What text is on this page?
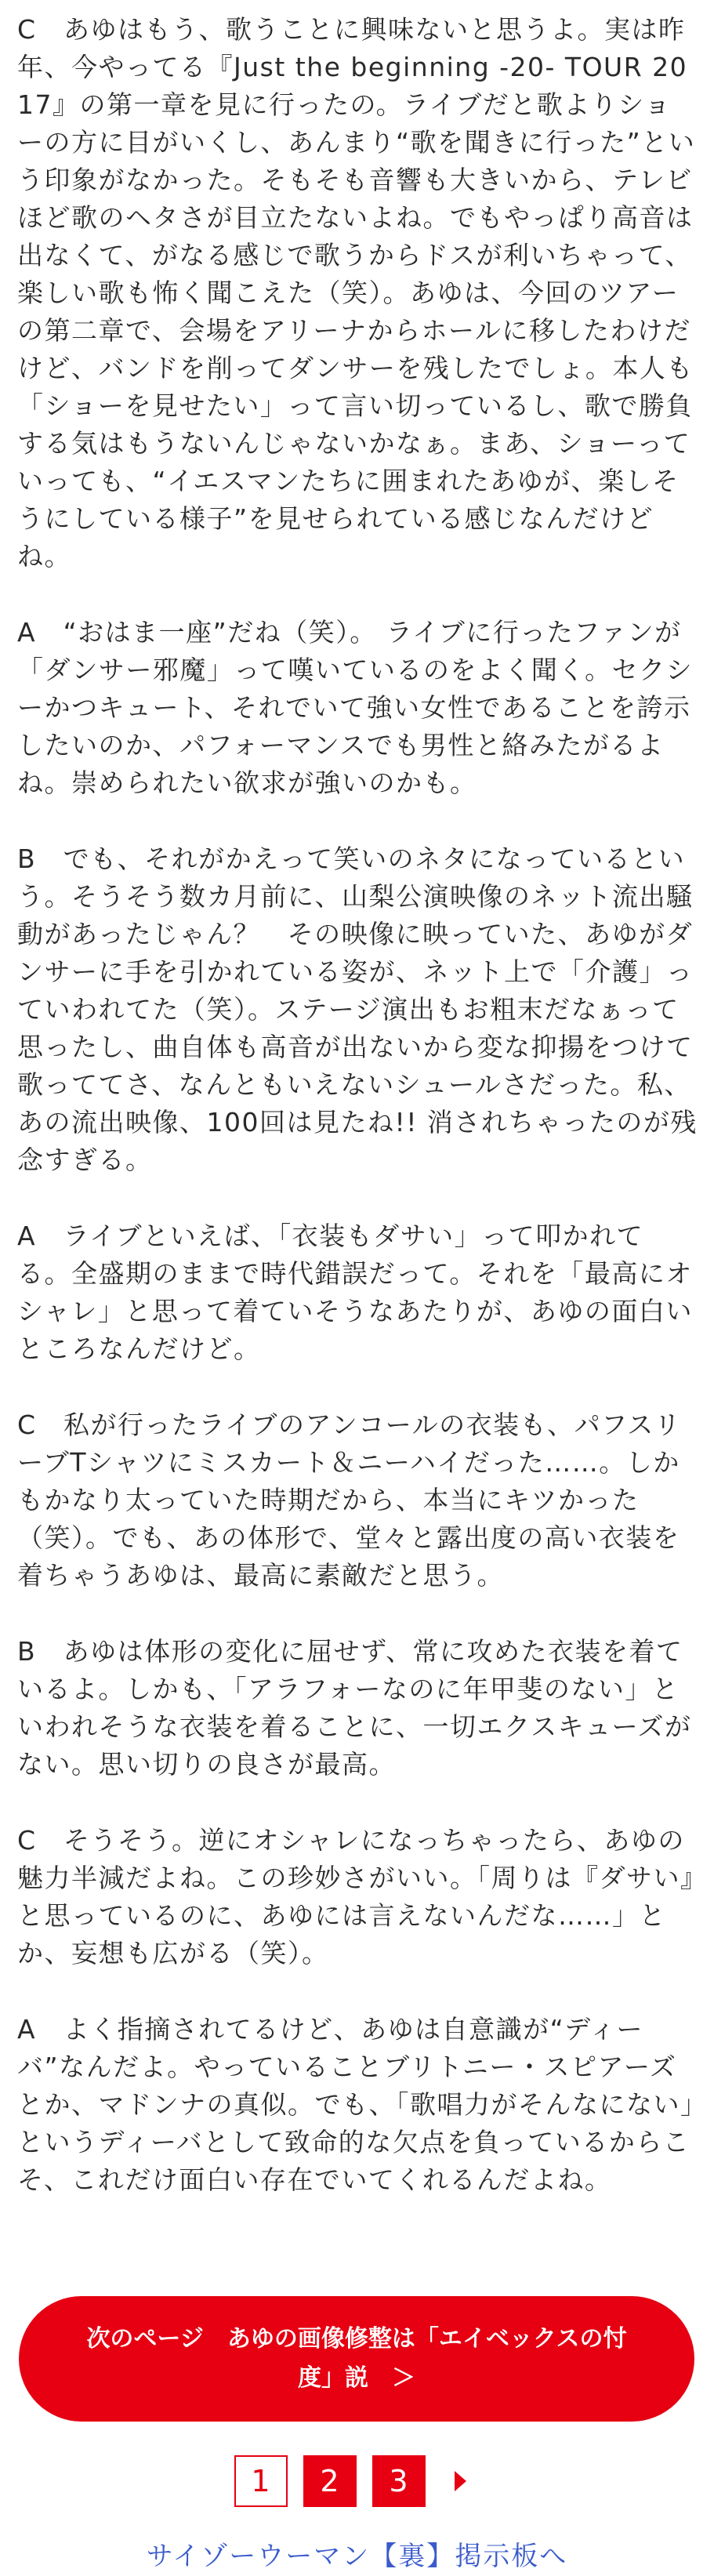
C　あゆはもう、歌うことに興味ないと思うよ。実は昨年、今やってる『Just the beginning -20- TOUR 2017』の第一章を見に行ったの。ライブだと歌よりショーの方に目がいくし、あんまり“歌を聞きに行った”という印象がなかった。そもそも音響も大きいから、テレビほど歌のヘタさが目立たないよね。でもやっぱり高音は出なくて、がなる感じで歌うからドスが利いちゃって、楽しい歌も怖く聞こえた（笑）。あゆは、今回のツアーの第二章で、会場をアリーナからホールに移したわけだけど、バンドを削ってダンサーを残したでしょ。本人も「ショーを見せたい」って言い切っているし、歌で勝負する気はもうないんじゃないかなぁ。まあ、ショーっていっても、“イエスマンたちに囲まれたあゆが、楽しそうにしている様子”を見せられている感じなんだけどね。

A　“おはま一座”だね（笑）。 ライブに行ったファンが「ダンサー邪魔」って嘆いているのをよく聞く。セクシーかつキュート、それでいて強い女性であることを誇示したいのか、パフォーマンスでも男性と絡みたがるよね。崇められたい欲求が強いのかも。

B　でも、それがかえって笑いのネタになっているという。そうそう数カ月前に、山梨公演映像のネット流出騒動があったじゃん？　その映像に映っていた、あゆがダンサーに手を引かれている姿が、ネット上で「介護」っていわれてた（笑）。ステージ演出もお粗末だなぁって思ったし、曲自体も高音が出ないから変な抑揚をつけて歌っててさ、なんともいえないシュールさだった。私、あの流出映像、100回は見たね!! 消されちゃったのが残念すぎる。

A　ライブといえば、「衣装もダサい」って叩かれてる。全盛期のままで時代錯誤だって。それを「最高にオシャレ」と思って着ていそうなあたりが、あゆの面白いところなんだけど。

C　私が行ったライブのアンコールの衣装も、パフスリーブTシャツにミスカート＆ニーハイだった……。しかもかなり太っていた時期だから、本当にキツかった（笑）。でも、あの体形で、堂々と露出度の高い衣装を着ちゃうあゆは、最高に素敵だと思う。

B　あゆは体形の変化に屈せず、常に攻めた衣装を着ているよ。しかも、「アラフォーなのに年甲斐のない」といわれそうな衣装を着ることに、一切エクスキューズがない。思い切りの良さが最高。

C　そうそう。逆にオシャレになっちゃったら、あゆの魅力半減だよね。この珍妙さがいい。「周りは『ダサい』と思っているのに、あゆには言えないんだな……」とか、妄想も広がる（笑）。

A　よく指摘されてるけど、あゆは自意識が“ディーバ”なんだよ。やっていることブリトニー・スピアーズとか、マドンナの真似。でも、「歌唱力がそんなにない」というディーバとして致命的な欠点を負っているからこそ、これだけ面白い存在でいてくれるんだよね。

次のページ　あゆの画像修整は「エイベックスの忖度」説　＞
1	2	3
サイゾーウーマン【裏】掲示板へ
